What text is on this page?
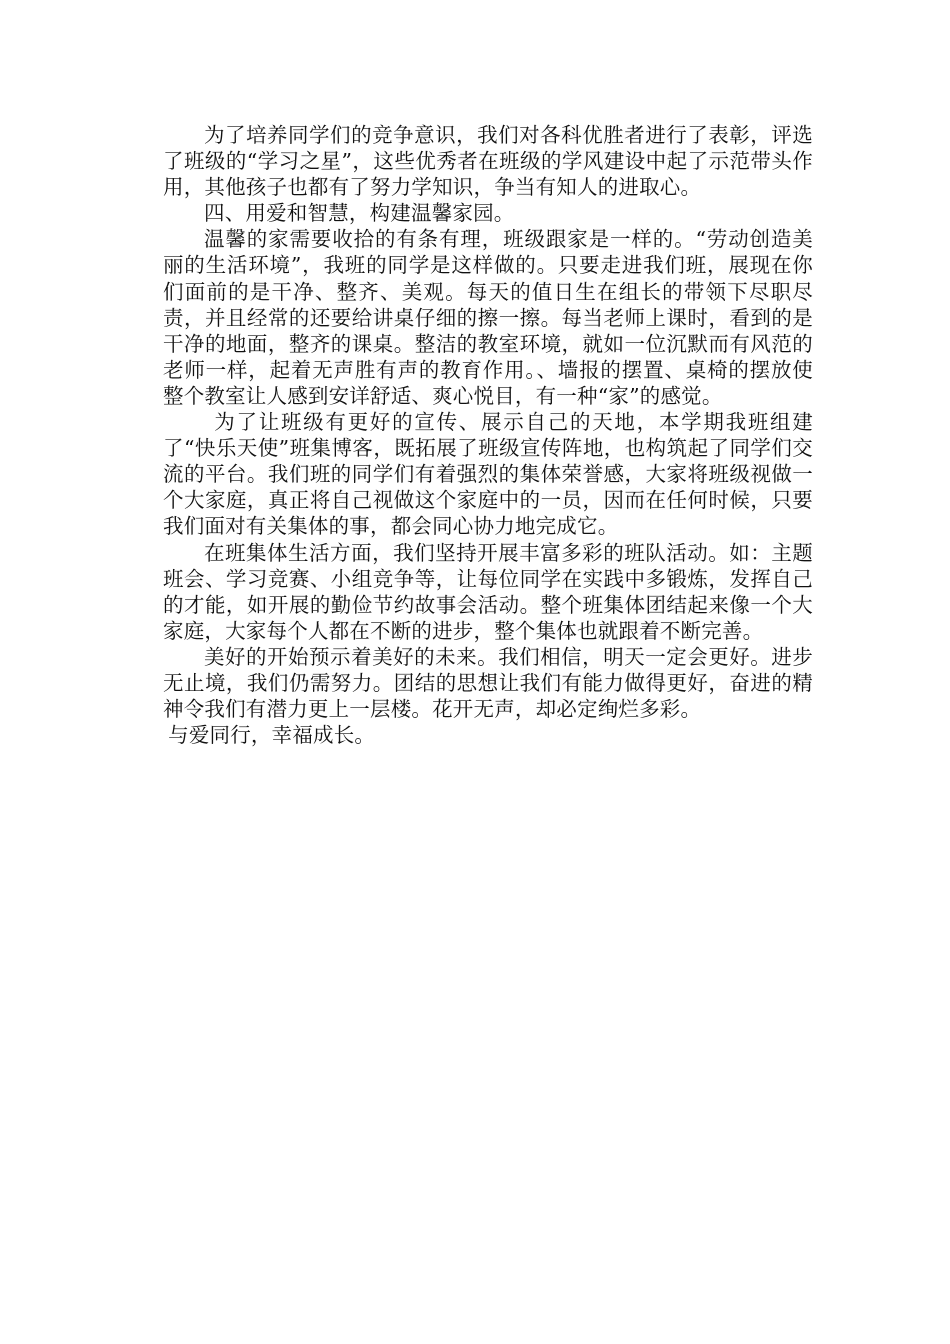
为了培养同学们的竞争意识，我们对各科优胜者进行了表彰，评选了班级的“学习之星”，这些优秀者在班级的学风建设中起了示范带头作用，其他孩子也都有了努力学知识，争当有知人的进取心。

四、用爱和智慧，构建温馨家园。

温馨的家需要收拾的有条有理，班级跟家是一样的。“劳动创造美丽的生活环境”，我班的同学是这样做的。只要走进我们班，展现在你们面前的是干净、整齐、美观。每天的值日生在组长的带领下尽职尽责，并且经常的还要给讲桌仔细的擦一擦。每当老师上课时，看到的是干净的地面，整齐的课桌。整洁的教室环境，就如一位沉默而有风范的老师一样，起着无声胜有声的教育作用。、墙报的摆置、桌椅的摆放使整个教室让人感到安详舒适、爽心悦目，有一种“家”的感觉。

为了让班级有更好的宣传、展示自己的天地，本学期我班组建了“快乐天使”班集博客，既拓展了班级宣传阵地，也构筑起了同学们交流的平台。我们班的同学们有着强烈的集体荣誉感，大家将班级视做一个大家庭，真正将自己视做这个家庭中的一员，因而在任何时候，只要我们面对有关集体的事，都会同心协力地完成它。

在班集体生活方面，我们坚持开展丰富多彩的班队活动。如：主题班会、学习竞赛、小组竞争等，让每位同学在实践中多锻炼，发挥自己的才能，如开展的勤俭节约故事会活动。整个班集体团结起来像一个大家庭，大家每个人都在不断的进步，整个集体也就跟着不断完善。

美好的开始预示着美好的未来。我们相信，明天一定会更好。进步无止境，我们仍需努力。团结的思想让我们有能力做得更好，奋进的精神令我们有潜力更上一层楼。花开无声，却必定绚烂多彩。

与爱同行，幸福成长。
